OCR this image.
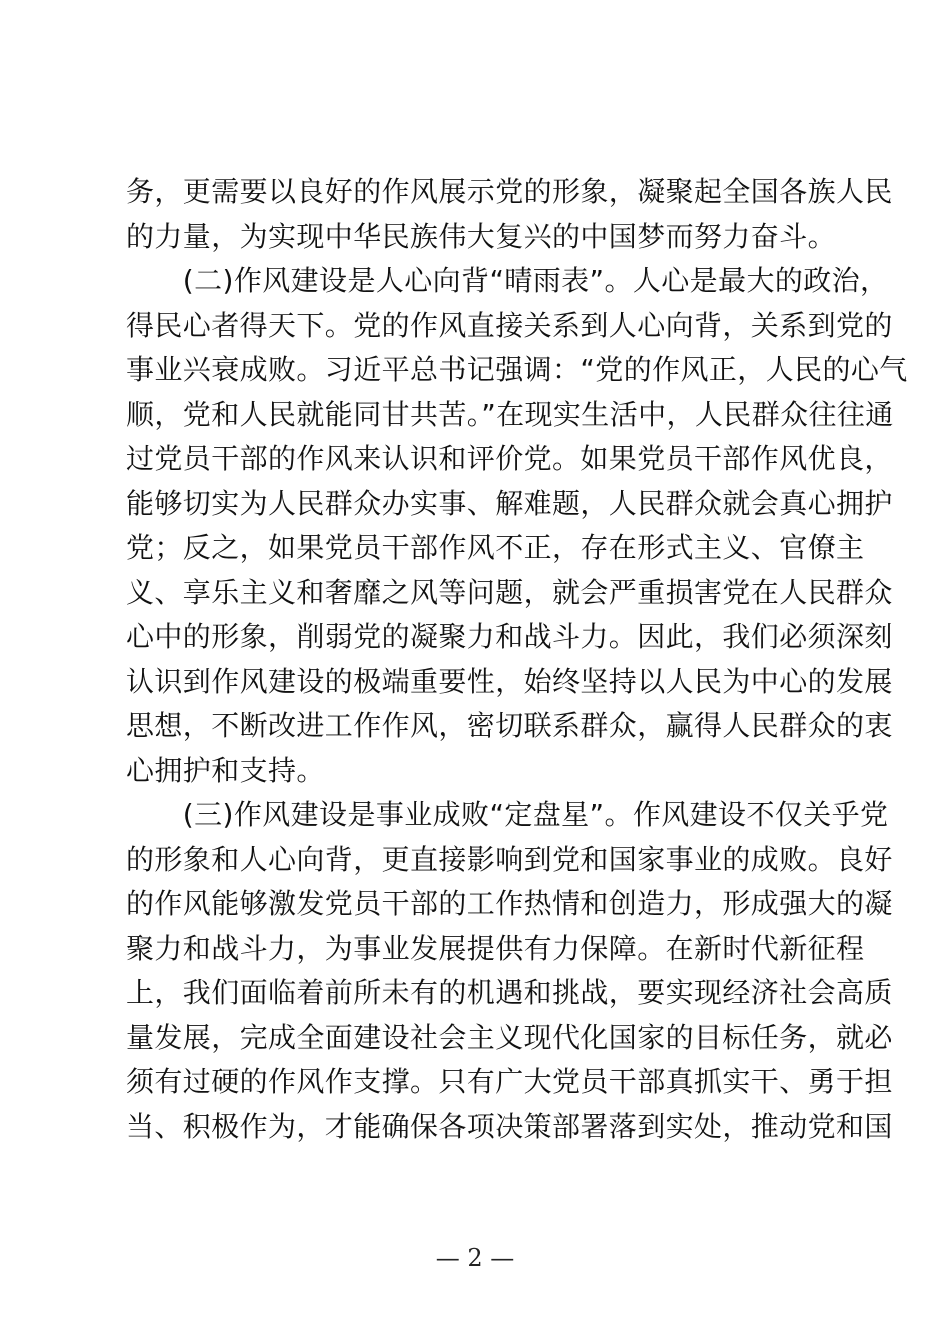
务，更需要以良好的作风展示党的形象，凝聚起全国各族人民
的力量，为实现中华民族伟大复兴的中国梦而努力奋斗。
　　(二)作风建设是人心向背“晴雨表”。人心是最大的政治，
得民心者得天下。党的作风直接关系到人心向背，关系到党的
事业兴衰成败。习近平总书记强调：“党的作风正，人民的心气
顺，党和人民就能同甘共苦。”在现实生活中，人民群众往往通
过党员干部的作风来认识和评价党。如果党员干部作风优良，
能够切实为人民群众办实事、解难题，人民群众就会真心拥护
党；反之，如果党员干部作风不正，存在形式主义、官僚主
义、享乐主义和奢靡之风等问题，就会严重损害党在人民群众
心中的形象，削弱党的凝聚力和战斗力。因此，我们必须深刻
认识到作风建设的极端重要性，始终坚持以人民为中心的发展
思想，不断改进工作作风，密切联系群众，赢得人民群众的衷
心拥护和支持。
　　(三)作风建设是事业成败“定盘星”。作风建设不仅关乎党
的形象和人心向背，更直接影响到党和国家事业的成败。良好
的作风能够激发党员干部的工作热情和创造力，形成强大的凝
聚力和战斗力，为事业发展提供有力保障。在新时代新征程
上，我们面临着前所未有的机遇和挑战，要实现经济社会高质
量发展，完成全面建设社会主义现代化国家的目标任务，就必
须有过硬的作风作支撑。只有广大党员干部真抓实干、勇于担
当、积极作为，才能确保各项决策部署落到实处，推动党和国
— 2 —
